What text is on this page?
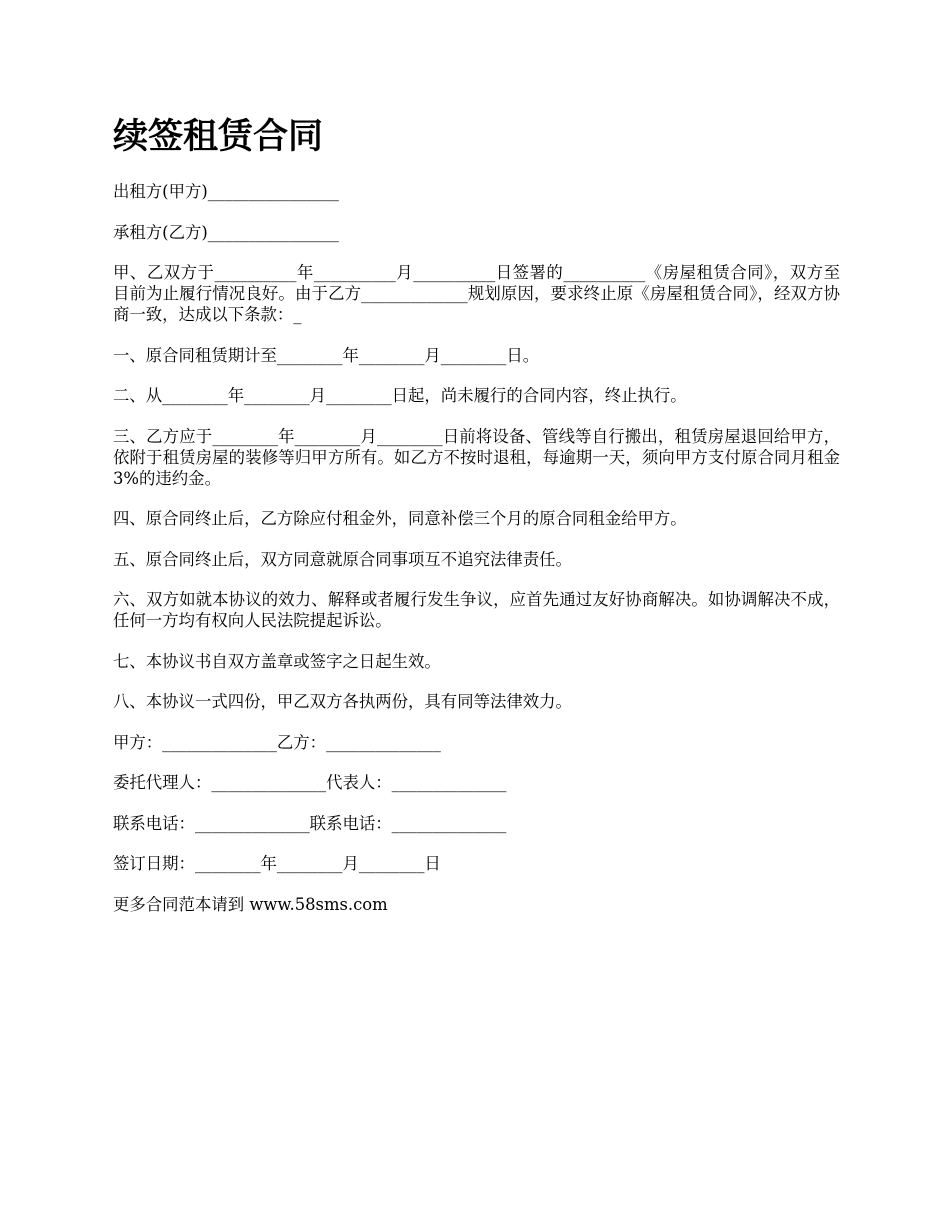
续签租赁合同

出租方(甲方)________________

承租方(乙方)________________

甲、乙双方于__________年__________月__________日签署的__________《房屋租赁合同》，双方至目前为止履行情况良好。由于乙方_____________规划原因，要求终止原《房屋租赁合同》，经双方协商一致，达成以下条款：_

一、原合同租赁期计至________年________月________日。

二、从________年________月________日起，尚未履行的合同内容，终止执行。

三、乙方应于________年________月________日前将设备、管线等自行搬出，租赁房屋退回给甲方，依附于租赁房屋的装修等归甲方所有。如乙方不按时退租，每逾期一天，须向甲方支付原合同月租金 3%的违约金。

四、原合同终止后，乙方除应付租金外，同意补偿三个月的原合同租金给甲方。

五、原合同终止后，双方同意就原合同事项互不追究法律责任。

六、双方如就本协议的效力、解释或者履行发生争议，应首先通过友好协商解决。如协调解决不成，任何一方均有权向人民法院提起诉讼。

七、本协议书自双方盖章或签字之日起生效。

八、本协议一式四份，甲乙双方各执两份，具有同等法律效力。

甲方：______________乙方：______________

委托代理人：______________代表人：______________

联系电话：______________联系电话：______________

签订日期：________年________月________日

更多合同范本请到 www.58sms.com
